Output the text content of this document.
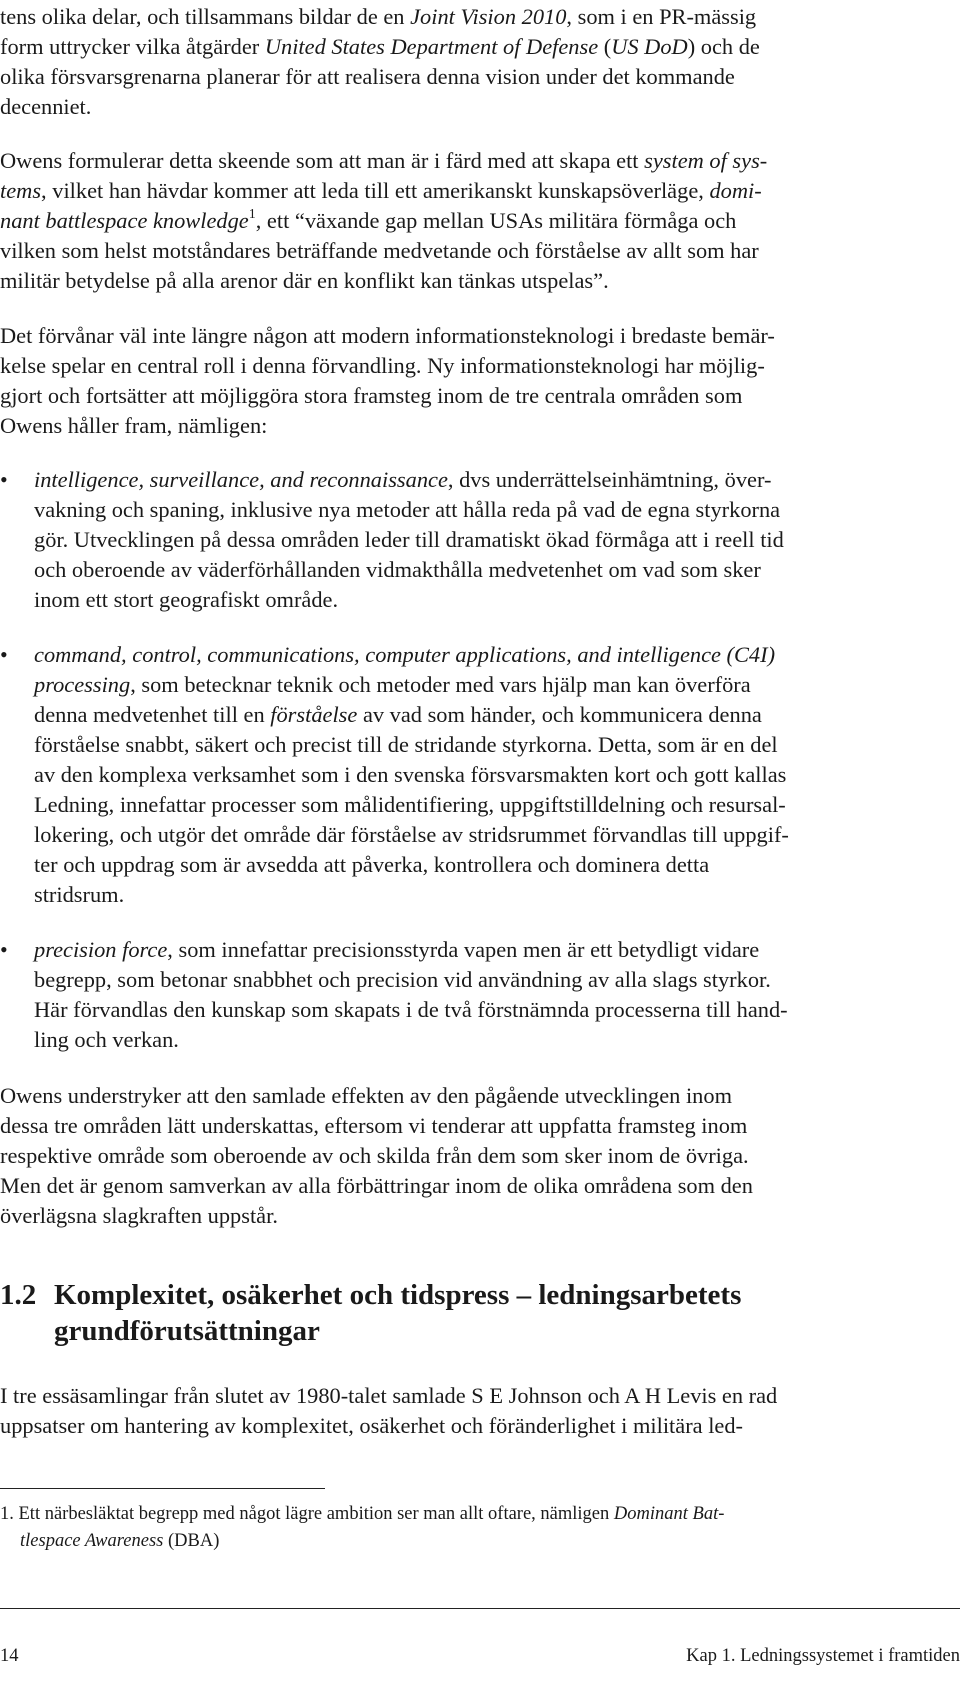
tens olika delar, och tillsammans bildar de en Joint Vision 2010, som i en PR-mässig
form uttrycker vilka åtgärder United States Department of Defense (US DoD) och de
olika försvarsgrenarna planerar för att realisera denna vision under det kommande
decenniet.
Owens formulerar detta skeende som att man är i färd med att skapa ett system of sys-
tems, vilket han hävdar kommer att leda till ett amerikanskt kunskapsöverläge, domi-
nant battlespace knowledge$^1$, ett “växande gap mellan USAs militära förmåga och
vilken som helst motståndares beträffande medvetande och förståelse av allt som har
militär betydelse på alla arenor där en konflikt kan tänkas utspelas”.
Det förvånar väl inte längre någon att modern informationsteknologi i bredaste bemär-
kelse spelar en central roll i denna förvandling. Ny informationsteknologi har möjlig-
gjort och fortsätter att möjliggöra stora framsteg inom de tre centrala områden som
Owens håller fram, nämligen:
• intelligence, surveillance, and reconnaissance, dvs underrättelseinhämtning, över-
vakning och spaning, inklusive nya metoder att hålla reda på vad de egna styrkorna
gör. Utvecklingen på dessa områden leder till dramatiskt ökad förmåga att i reell tid
och oberoende av väderförhållanden vidmakthålla medvetenhet om vad som sker
inom ett stort geografiskt område.
• command, control, communications, computer applications, and intelligence (C4I)
processing, som betecknar teknik och metoder med vars hjälp man kan överföra
denna medvetenhet till en förståelse av vad som händer, och kommunicera denna
förståelse snabbt, säkert och precist till de stridande styrkorna. Detta, som är en del
av den komplexa verksamhet som i den svenska försvarsmakten kort och gott kallas
Ledning, innefattar processer som målidentifiering, uppgiftstilldelning och resursal-
lokering, och utgör det område där förståelse av stridsrummet förvandlas till uppgif-
ter och uppdrag som är avsedda att påverka, kontrollera och dominera detta
stridsrum.
• precision force, som innefattar precisionsstyrda vapen men är ett betydligt vidare
begrepp, som betonar snabbhet och precision vid användning av alla slags styrkor.
Här förvandlas den kunskap som skapats i de två förstnämnda processerna till hand-
ling och verkan.
Owens understryker att den samlade effekten av den pågående utvecklingen inom
dessa tre områden lätt underskattas, eftersom vi tenderar att uppfatta framsteg inom
respektive område som oberoende av och skilda från dem som sker inom de övriga.
Men det är genom samverkan av alla förbättringar inom de olika områdena som den
överlägsna slagkraften uppstår.
1.2 Komplexitet, osäkerhet och tidspress – ledningsarbetets
grundförutsättningar
I tre essäsamlingar från slutet av 1980-talet samlade S E Johnson och A H Levis en rad
uppsatser om hantering av komplexitet, osäkerhet och föränderlighet i militära led-
1. Ett närbesläktat begrepp med något lägre ambition ser man allt oftare, nämligen Dominant Bat-
tlespace Awareness (DBA)
14	Kap 1. Ledningssystemet i framtiden
